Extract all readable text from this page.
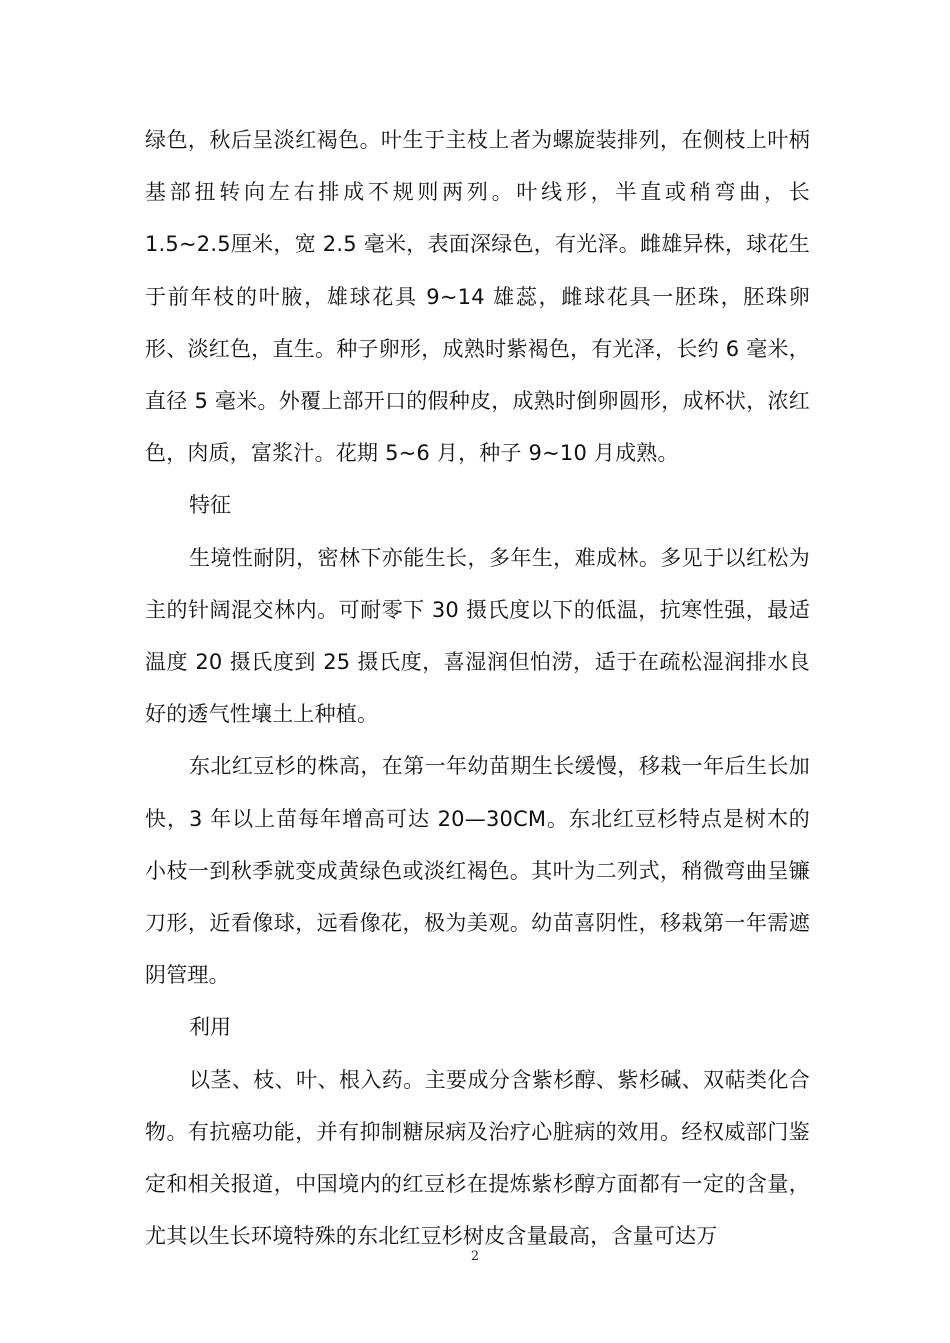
绿色，秋后呈淡红褐色。叶生于主枝上者为螺旋装排列，在侧枝上叶柄基部扭转向左右排成不规则两列。叶线形，半直或稍弯曲，长 1.5~2.5厘米，宽 2.5 毫米，表面深绿色，有光泽。雌雄异株，球花生于前年枝的叶腋，雄球花具 9~14 雄蕊，雌球花具一胚珠，胚珠卵形、淡红色，直生。种子卵形，成熟时紫褐色，有光泽，长约 6 毫米，直径 5 毫米。外覆上部开口的假种皮，成熟时倒卵圆形，成杯状，浓红色，肉质，富浆汁。花期 5~6 月，种子 9~10 月成熟。

特征

生境性耐阴，密林下亦能生长，多年生，难成林。多见于以红松为主的针阔混交林内。可耐零下 30 摄氏度以下的低温，抗寒性强，最适温度 20 摄氏度到 25 摄氏度，喜湿润但怕涝，适于在疏松湿润排水良好的透气性壤土上种植。

东北红豆杉的株高，在第一年幼苗期生长缓慢，移栽一年后生长加快，3 年以上苗每年增高可达 20—30CM。东北红豆杉特点是树木的小枝一到秋季就变成黄绿色或淡红褐色。其叶为二列式，稍微弯曲呈镰刀形，近看像球，远看像花，极为美观。幼苗喜阴性，移栽第一年需遮阴管理。

利用

以茎、枝、叶、根入药。主要成分含紫杉醇、紫杉碱、双萜类化合物。有抗癌功能，并有抑制糖尿病及治疗心脏病的效用。经权威部门鉴定和相关报道，中国境内的红豆杉在提炼紫杉醇方面都有一定的含量，尤其以生长环境特殊的东北红豆杉树皮含量最高，含量可达万

2
